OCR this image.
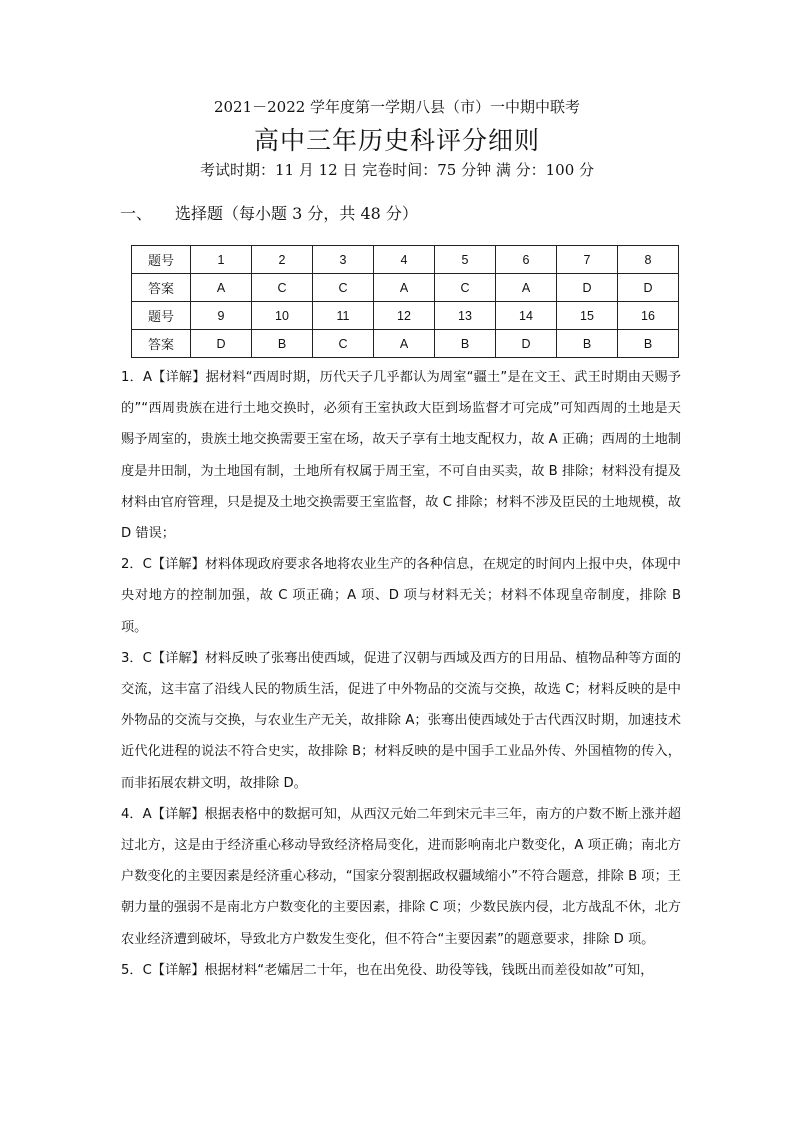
2021－2022 学年度第一学期八县（市）一中期中联考
高中三年历史科评分细则
考试时期：11 月 12 日 完卷时间：75 分钟 满 分：100 分
一、 选择题（每小题 3 分，共 48 分）
题号	1	2	3	4	5	6	7	8
答案	A	C	C	A	C	A	D	D
题号	9	10	11	12	13	14	15	16
答案	D	B	C	A	B	D	B	B

1．A【详解】据材料“西周时期，历代天子几乎都认为周室“疆土”是在文王、武王时期由天赐予的”“西周贵族在进行土地交换时，必须有王室执政大臣到场监督才可完成”可知西周的土地是天赐予周室的，贵族土地交换需要王室在场，故天子享有土地支配权力，故 A 正确；西周的土地制度是井田制，为土地国有制，土地所有权属于周王室，不可自由买卖，故 B 排除；材料没有提及材料由官府管理，只是提及土地交换需要王室监督，故 C 排除；材料不涉及臣民的土地规模，故 D 错误；

2．C【详解】材料体现政府要求各地将农业生产的各种信息，在规定的时间内上报中央，体现中央对地方的控制加强，故 C 项正确；A 项、D 项与材料无关；材料不体现皇帝制度，排除 B 项。

3．C【详解】材料反映了张骞出使西域，促进了汉朝与西域及西方的日用品、植物品种等方面的交流，这丰富了沿线人民的物质生活，促进了中外物品的交流与交换，故选 C；材料反映的是中外物品的交流与交换，与农业生产无关，故排除 A；张骞出使西域处于古代西汉时期，加速技术近代化进程的说法不符合史实，故排除 B；材料反映的是中国手工业品外传、外国植物的传入，而非拓展农耕文明，故排除 D。

4．A【详解】根据表格中的数据可知，从西汉元始二年到宋元丰三年，南方的户数不断上涨并超过北方，这是由于经济重心移动导致经济格局变化，进而影响南北户数变化，A 项正确；南北方户数变化的主要因素是经济重心移动，“国家分裂割据政权疆域缩小”不符合题意，排除 B 项；王朝力量的强弱不是南北方户数变化的主要因素，排除 C 项；少数民族内侵，北方战乱不休，北方农业经济遭到破坏，导致北方户数发生变化，但不符合“主要因素”的题意要求，排除 D 项。

5．C【详解】根据材料“老孀居二十年，也在出免役、助役等钱，钱既出而差役如故”可知，
